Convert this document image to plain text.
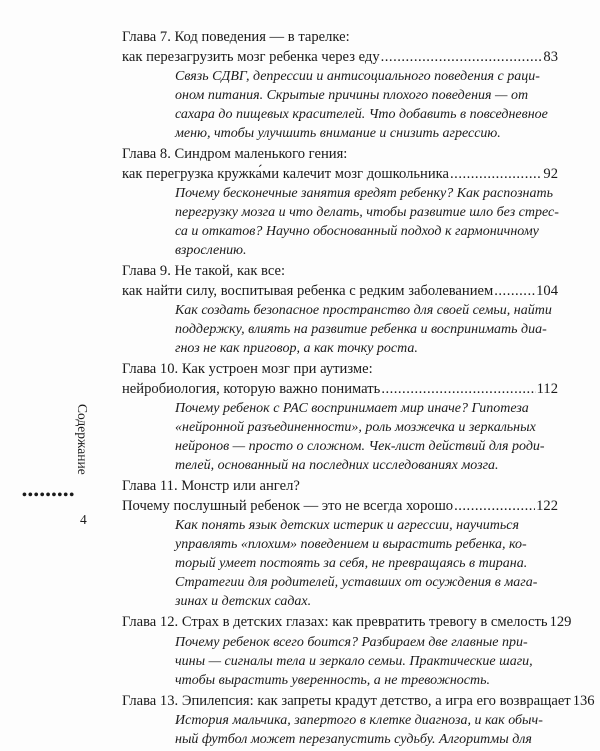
Содержание
•••••••••
4
Глава 7. Код поведения — в тарелке:
как перезагрузить мозг ребенка через еду .....	83
Связь СДВГ, депрессии и антисоциального поведения с раци-
оном питания. Скрытые причины плохого поведения — от
сахара до пищевых красителей. Что добавить в повседневное
меню, чтобы улучшить внимание и снизить агрессию.
Глава 8. Синдром маленького гения:
как перегрузка кружка́ми калечит мозг дошкольника .....	92
Почему бесконечные занятия вредят ребенку? Как распознать
перегрузку мозга и что делать, чтобы развитие шло без стрес-
са и откатов? Научно обоснованный подход к гармоничному
взрослению.
Глава 9. Не такой, как все:
как найти силу, воспитывая ребенка с редким заболеванием .....	104
Как создать безопасное пространство для своей семьи, найти
поддержку, влиять на развитие ребенка и воспринимать диа-
гноз не как приговор, а как точку роста.
Глава 10. Как устроен мозг при аутизме:
нейробиология, которую важно понимать .....	112
Почему ребенок с РАС воспринимает мир иначе? Гипотеза
«нейронной разъединенности», роль мозжечка и зеркальных
нейронов — просто о сложном. Чек-лист действий для роди-
телей, основанный на последних исследованиях мозга.
Глава 11. Монстр или ангел?
Почему послушный ребенок — это не всегда хорошо .....	122
Как понять язык детских истерик и агрессии, научиться
управлять «плохим» поведением и вырастить ребенка, ко-
торый умеет постоять за себя, не превращаясь в тирана.
Стратегии для родителей, уставших от осуждения в мага-
зинах и детских садах.
Глава 12. Страх в детских глазах: как превратить тревогу в смелость 129
Почему ребенок всего боится? Разбираем две главные при-
чины — сигналы тела и зеркало семьи. Практические шаги,
чтобы вырастить уверенность, а не тревожность.
Глава 13. Эпилепсия: как запреты крадут детство, а игра его возвращает 136
История мальчика, запертого в клетке диагноза, и как обыч-
ный футбол может перезапустить судьбу. Алгоритмы для
